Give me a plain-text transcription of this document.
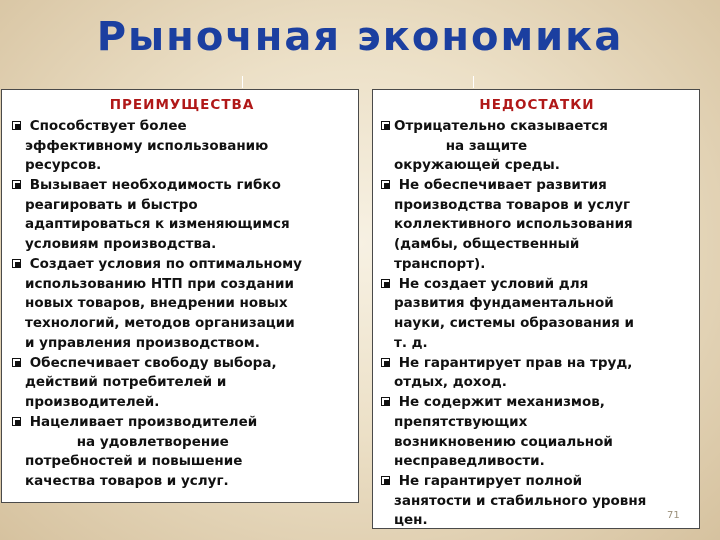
Рыночная экономика
ПРЕИМУЩЕСТВА
Способствует более
эффективному использованию
ресурсов.
Вызывает необходимость гибко
реагировать и быстро
адаптироваться к изменяющимся
условиям производства.
Создает условия по оптимальному
использованию НТП при создании
новых товаров, внедрении новых
технологий, методов организации
и управления производством.
Обеспечивает свободу выбора,
действий потребителей и
производителей.
Нацеливает производителей
на удовлетворение
потребностей и повышение
качества товаров и услуг.
НЕДОСТАТКИ
Отрицательно сказывается
на защите
окружающей среды.
Не обеспечивает развития
производства товаров и услуг
коллективного использования
(дамбы, общественный
транспорт).
Не создает условий для
развития фундаментальной
науки, системы образования и
т. д.
Не гарантирует прав на труд,
отдых, доход.
Не содержит механизмов,
препятствующих
возникновению социальной
несправедливости.
Не гарантирует полной
занятости и стабильного уровня
цен.	71
